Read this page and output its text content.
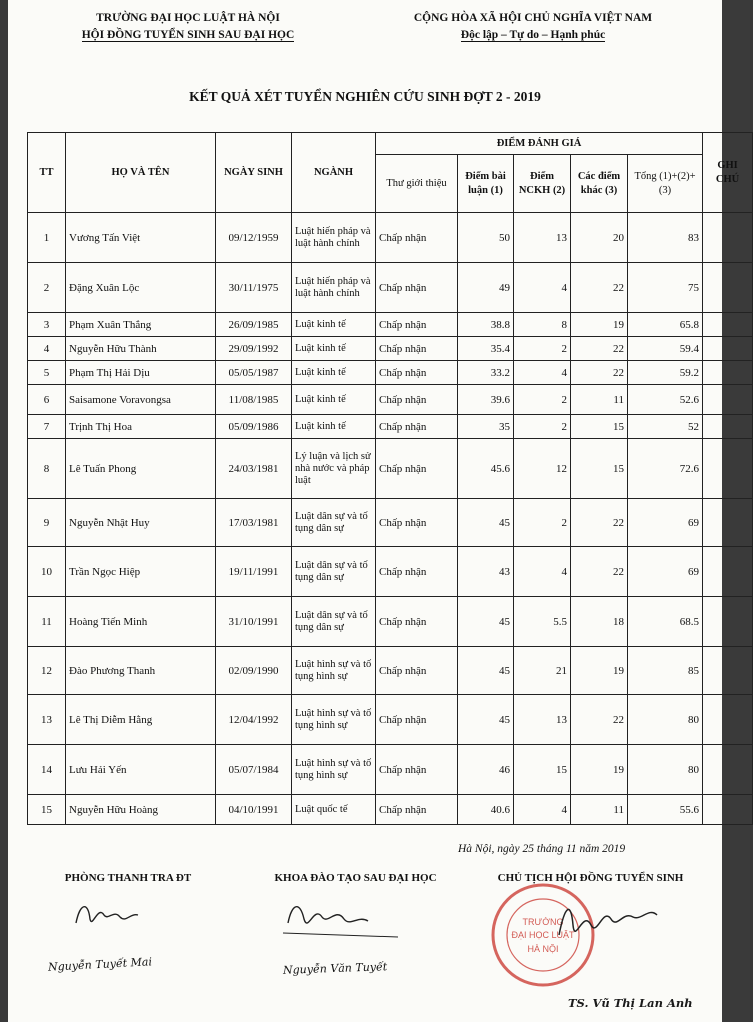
TRƯỜNG ĐẠI HỌC LUẬT HÀ NỘI
HỘI ĐỒNG TUYỂN SINH SAU ĐẠI HỌC
CỘNG HÒA XÃ HỘI CHỦ NGHĨA VIỆT NAM
Độc lập – Tự do – Hạnh phúc
KẾT QUẢ XÉT TUYỂN NGHIÊN CỨU SINH ĐỢT 2 - 2019
TT	HỌ VÀ TÊN	NGÀY SINH	NGÀNH	ĐIỂM ĐÁNH GIÁ					GHI CHÚ
				Thư giới thiệu	Điểm bài luận (1)	Điểm NCKH (2)	Các điểm khác (3)	Tổng (1)+(2)+(3)	
1	Vương Tấn Việt	09/12/1959	Luật hiến pháp và luật hành chính	Chấp nhận	50	13	20	83	
2	Đặng Xuân Lộc	30/11/1975	Luật hiến pháp và luật hành chính	Chấp nhận	49	4	22	75	
3	Phạm Xuân Thắng	26/09/1985	Luật kinh tế	Chấp nhận	38.8	8	19	65.8	
4	Nguyễn Hữu Thành	29/09/1992	Luật kinh tế	Chấp nhận	35.4	2	22	59.4	
5	Phạm Thị Hải Dịu	05/05/1987	Luật kinh tế	Chấp nhận	33.2	4	22	59.2	
6	Saisamone Voravongsa	11/08/1985	Luật kinh tế	Chấp nhận	39.6	2	11	52.6	
7	Trịnh Thị Hoa	05/09/1986	Luật kinh tế	Chấp nhận	35	2	15	52	
8	Lê Tuấn Phong	24/03/1981	Lý luận và lịch sử nhà nước và pháp luật	Chấp nhận	45.6	12	15	72.6	
9	Nguyễn Nhật Huy	17/03/1981	Luật dân sự và tố tụng dân sự	Chấp nhận	45	2	22	69	
10	Trần Ngọc Hiệp	19/11/1991	Luật dân sự và tố tụng dân sự	Chấp nhận	43	4	22	69	
11	Hoàng Tiến Minh	31/10/1991	Luật dân sự và tố tụng dân sự	Chấp nhận	45	5.5	18	68.5	
12	Đào Phương Thanh	02/09/1990	Luật hình sự và tố tụng hình sự	Chấp nhận	45	21	19	85	
13	Lê Thị Diễm Hằng	12/04/1992	Luật hình sự và tố tụng hình sự	Chấp nhận	45	13	22	80	
14	Lưu Hải Yến	05/07/1984	Luật hình sự và tố tụng hình sự	Chấp nhận	46	15	19	80	
15	Nguyễn Hữu Hoàng	04/10/1991	Luật quốc tế	Chấp nhận	40.6	4	11	55.6	
Hà Nội, ngày 25 tháng 11 năm 2019
PHÒNG THANH TRA ĐT	KHOA ĐÀO TẠO SAU ĐẠI HỌC	CHỦ TỊCH HỘI ĐỒNG TUYỂN SINH
Nguyễn Tuyết Mai	Nguyễn Văn Tuyết
TRƯỜNG
ĐẠI HỌC LUẬT
HÀ NỘI
TS. Vũ Thị Lan Anh
